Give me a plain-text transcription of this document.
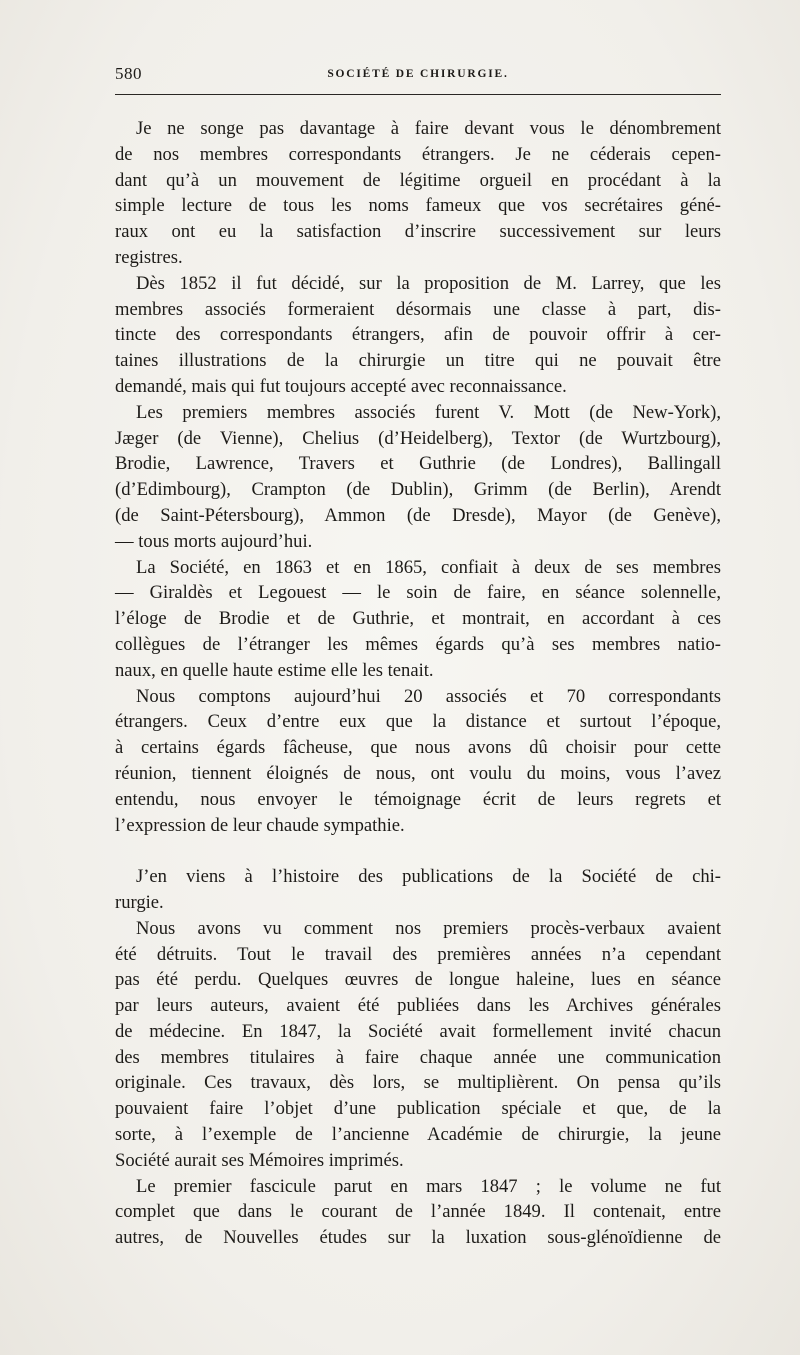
580	SOCIÉTÉ DE CHIRURGIE.
Je ne songe pas davantage à faire devant vous le dénombrement
de nos membres correspondants étrangers. Je ne céderais cepen-
dant qu’à un mouvement de légitime orgueil en procédant à la
simple lecture de tous les noms fameux que vos secrétaires géné-
raux ont eu la satisfaction d’inscrire successivement sur leurs
registres.
Dès 1852 il fut décidé, sur la proposition de M. Larrey, que les
membres associés formeraient désormais une classe à part, dis-
tincte des correspondants étrangers, afin de pouvoir offrir à cer-
taines illustrations de la chirurgie un titre qui ne pouvait être
demandé, mais qui fut toujours accepté avec reconnaissance.
Les premiers membres associés furent V. Mott (de New-York),
Jæger (de Vienne), Chelius (d’Heidelberg), Textor (de Wurtzbourg),
Brodie, Lawrence, Travers et Guthrie (de Londres), Ballingall
(d’Edimbourg), Crampton (de Dublin), Grimm (de Berlin), Arendt
(de Saint-Pétersbourg), Ammon (de Dresde), Mayor (de Genève),
— tous morts aujourd’hui.
La Société, en 1863 et en 1865, confiait à deux de ses membres
— Giraldès et Legouest — le soin de faire, en séance solennelle,
l’éloge de Brodie et de Guthrie, et montrait, en accordant à ces
collègues de l’étranger les mêmes égards qu’à ses membres natio-
naux, en quelle haute estime elle les tenait.
Nous comptons aujourd’hui 20 associés et 70 correspondants
étrangers. Ceux d’entre eux que la distance et surtout l’époque,
à certains égards fâcheuse, que nous avons dû choisir pour cette
réunion, tiennent éloignés de nous, ont voulu du moins, vous l’avez
entendu, nous envoyer le témoignage écrit de leurs regrets et
l’expression de leur chaude sympathie.
J’en viens à l’histoire des publications de la Société de chi-
rurgie.
Nous avons vu comment nos premiers procès-verbaux avaient
été détruits. Tout le travail des premières années n’a cependant
pas été perdu. Quelques œuvres de longue haleine, lues en séance
par leurs auteurs, avaient été publiées dans les Archives générales
de médecine. En 1847, la Société avait formellement invité chacun
des membres titulaires à faire chaque année une communication
originale. Ces travaux, dès lors, se multiplièrent. On pensa qu’ils
pouvaient faire l’objet d’une publication spéciale et que, de la
sorte, à l’exemple de l’ancienne Académie de chirurgie, la jeune
Société aurait ses Mémoires imprimés.
Le premier fascicule parut en mars 1847 ; le volume ne fut
complet que dans le courant de l’année 1849. Il contenait, entre
autres, de Nouvelles études sur la luxation sous-glénoïdienne de
